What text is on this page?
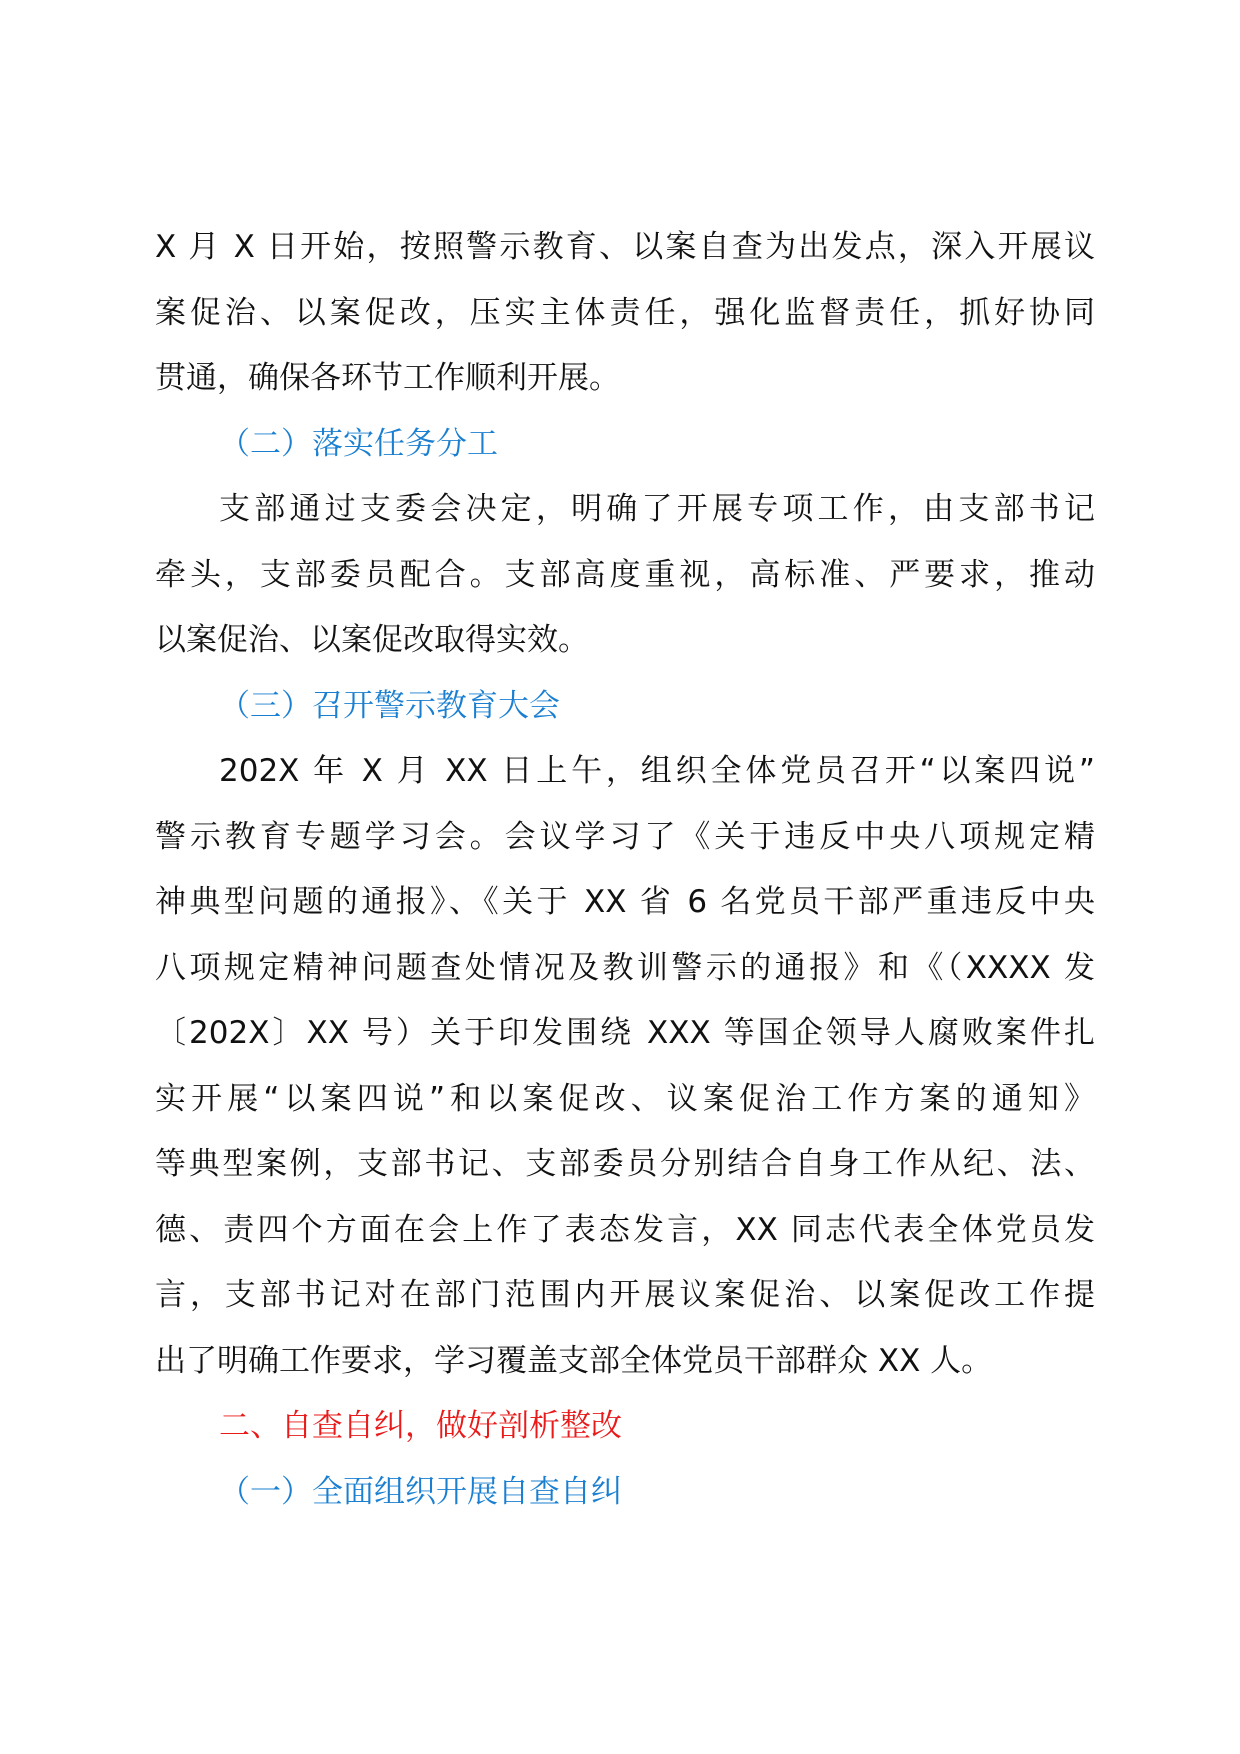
X 月 X 日开始，按照警示教育、以案自查为出发点，深入开展议
案促治、以案促改，压实主体责任，强化监督责任，抓好协同
贯通，确保各环节工作顺利开展。
（二）落实任务分工
支部通过支委会决定，明确了开展专项工作，由支部书记
牵头，支部委员配合。支部高度重视，高标准、严要求，推动
以案促治、以案促改取得实效。
（三）召开警示教育大会
202X 年 X 月 XX 日上午，组织全体党员召开“以案四说”
警示教育专题学习会。会议学习了《关于违反中央八项规定精
神典型问题的通报》、《关于 XX 省 6 名党员干部严重违反中央
八项规定精神问题查处情况及教训警示的通报》和《（XXXX 发
〔202X〕XX 号）关于印发围绕 XXX 等国企领导人腐败案件扎
实开展“以案四说”和以案促改、议案促治工作方案的通知》
等典型案例，支部书记、支部委员分别结合自身工作从纪、法、
德、责四个方面在会上作了表态发言，XX 同志代表全体党员发
言，支部书记对在部门范围内开展议案促治、以案促改工作提
出了明确工作要求，学习覆盖支部全体党员干部群众 XX 人。
二、自查自纠，做好剖析整改
（一）全面组织开展自查自纠
